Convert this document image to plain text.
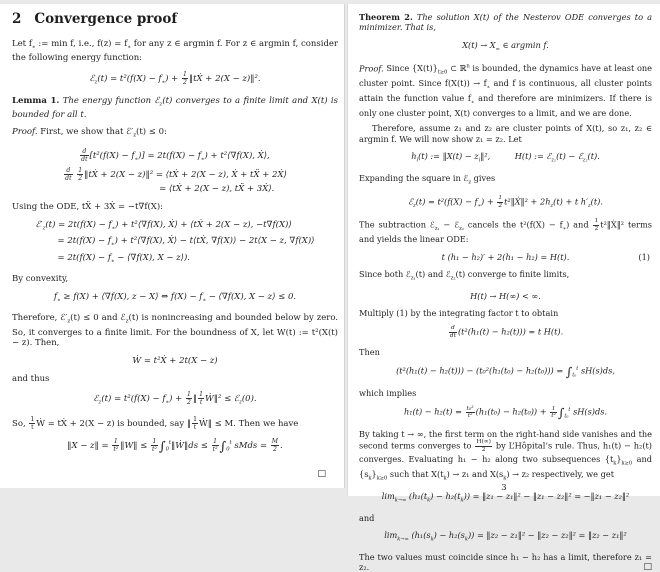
2 Convergence proof

Let $f_∗$ := min f, i.e., $f(z) = f_∗$ for any z ∈ argmin f. For z ∈ argmin f, consider the following energy function:

ℰ$_z$(t) = $t^2(f(X) - f_∗) + \frac{1}{2}$ ‖tẊ + 2(X − z)‖².

Lemma 1. The energy function ℰ$_z$(t) converges to a finite limit and X(t) is bounded for all t.

Proof. First, we show that $ℰ'_z(t) \le 0$:

$\frac{d}{dt} [t^2(f(X) - f_∗)] = 2t(f(X) - f_∗)$ + t²⟨∇f(X), Ẋ⟩,
$\frac{d}{dt}$
$\frac{1}{2}$ ‖tẊ + 2(X − z)‖² = ⟨tẊ + 2(X − z), Ẋ + tẌ + 2Ẋ⟩
= ⟨tẊ + 2(X − z), tẌ + 3Ẋ⟩.

Using the ODE, tẌ + 3Ẋ = −t∇f(X):

$ℰ'_z(t) = 2t(f(X) - f_∗)$ + t²⟨∇f(X), Ẋ⟩ + ⟨tẊ + 2(X − z), −t∇f(X)⟩
= $2t(f(X) - f_∗)$ + t²⟨∇f(X), Ẋ⟩ − t⟨tẊ, ∇f(X)⟩ − 2t⟨X − z, ∇f(X)⟩
= $2t(f(X) - f_∗$ − ⟨∇f(X), X − z⟩).

By convexity,

$f_∗ \ge f(X)$ + ⟨∇f(X), z − X⟩ ⇔ $f(X) - f_∗$ − ⟨∇f(X), X − z⟩ ≤ 0.

Therefore, $ℰ'_z(t) \le 0$ and ℰ$_z$(t) is nonincreasing and bounded below by zero. So, it converges to a finite limit. For the boundness of X, let W(t) := t²(X(t) − z). Then,

Ẇ = t²Ẋ + 2t(X − z)

and thus

ℰ$_z$(t) = $t^2(f(X) - f_∗) + \frac{1}{2}$ ‖ $\frac{1}{t}$ Ẇ‖² ≤ ℰ$_z$(0).

So, $\frac{1}{t}$ Ẇ = tẊ + 2(X − z) is bounded, say ‖ $\frac{1}{t}$ Ẇ‖ ≤ M. Then we have

‖X − z‖ = $\frac{1}{\text{t²}}$ ‖W‖ ≤ $\frac{1}{\text{t²}}$ $\int_0^t‖Ẇ‖ds \le \frac{1}{\text{t²}} \int_0^t$ sMds = $\frac{M}{2}$ .
□

Theorem 2. The solution X(t) of the Nesterov ODE converges to a minimizer. That is,

$X(t) \to X_\infty$ ∈ argmin f.

Proof. Since $\{X(t)\}_{t\ge 0}$ ⊂ ℝ$^n$ is bounded, the dynamics have at least one cluster point. Since $f(X(t)) \to f_∗$ and f is continuous, all cluster points attain the function value $f_∗$ and therefore are minimizers. If there is only one cluster point, X(t) converges to a limit, and we are done.

Therefore, assume z₁ and z₂ are cluster points of X(t), so z₁, z₂ ∈ argmin f. We will now show z₁ = z₂. Let

$h_i(t)$ := ‖X(t) − $z_i‖^2$,   H(t) := ℰ$_{z_1}$(t) − ℰ$_{z_2}$(t).

Expanding the square in ℰ$_z$ gives

ℰ$_z$(t) = $t^2(f(X) - f_∗) + \frac{1}{2}$ t²‖Ẋ‖² + $2h_z(t) + t$ $h'_z(t)$.

The subtraction ℰ$_{z_1}$ − ℰ$_{z_2}$ cancels the $t^2(f(X) - f_∗)$ and $\frac{1}{2}$ t²‖Ẋ‖² terms and yields the linear ODE:

t (h₁ − h₂)′ + 2(h₁ − h₂) = H(t).	(1)

Since both ℰ$_{z_1}$(t) and ℰ$_{z_2}$(t) converge to finite limits,

H(t) → H(∞) < ∞.

Multiply (1) by the integrating factor t to obtain

$\frac{d}{dt} (t^2(h_1(t) - h_2(t))) = t$ H(t).

Then

$(t^2(h_1(t) - h_2(t))) - (t_0^2(h_1(t_0) - h_2(t_0))) = \int_{t_0}^t$ sH(s)ds,

which implies

$h_1(t) - h_2(t) = \frac{\text{t₀²}}{\text{t²}} (h_1(t_0) - h_2(t_0)) + \frac{1}{\text{t²}} \int_{t_0}^t$ sH(s)ds.

By taking t → ∞, the first term on the right-hand side vanishes and the second terms converges to $\frac{H(\infty)}{2}$ by L’Hôpital’s rule. Thus, h₁(t) − h₂(t) converges. Evaluating h₁ − h₂ along two subsequences $\{t_k\}_{k\ge 0}$ and $\{s_k\}_{k\ge 0}$ such that $X(t_k) \to z_1$ and $X(s_k) \to z_2$ respectively, we get

$\lim_{k\to\infty} (h_1(t_k) - h_2(t_k))$ = ‖z₁ − z₁‖² − ‖z₁ − z₂‖² = −‖z₁ − z₂‖²

and

$\lim_{k\to\infty} (h_1(s_k) - h_2(s_k))$ = ‖z₂ − z₁‖² − ‖z₂ − z₂‖² = ‖z₂ − z₁‖²

The two values must coincide since h₁ − h₂ has a limit, therefore z₁ = z₂.	□

3
